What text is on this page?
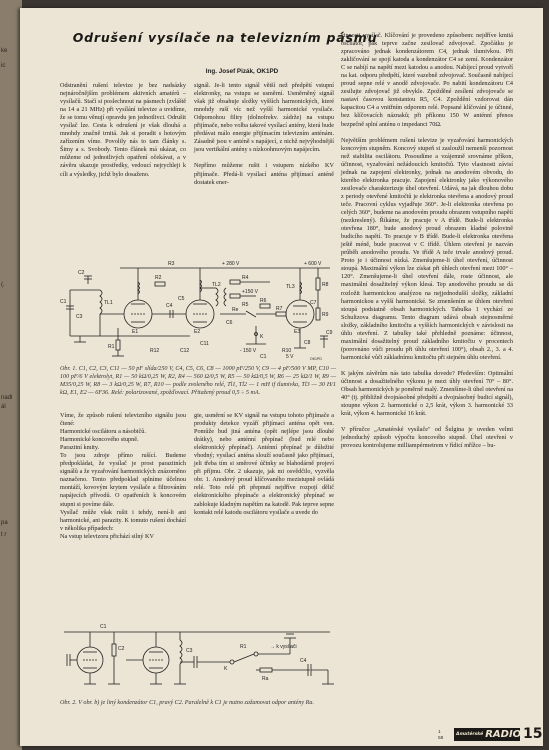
ke
ic
(.
nadl
ál
pa
t r
Odrušení vysílače na televizním pásmu
Ing. Josef Pizák, OK1PD

Odstranění rušení televize je bez nadsázky nejnáročnějším problémem aktivních amatérů – vysílačů. Stačí si poslechnout na pásmech (zvláště na 14 a 21 MHz) při vysílání televize a uvidíme, že se tomu věnují opravdu jen jednotlivci. Odrušit vysílač lze. Cesta k odrušení je však dlouhá a mnohdy značně trnitá. Jak si poradit s hotovým zařízením víme. Povolily nás to tam články s. Šimy a s. Svobody. Tento článek má ukázat, co můžeme od jednotlivých opatření očekávat, a v závěru ukazuje prostředky, vedoucí nejrychleji k cíli a výsledky, jichž bylo dosaženo.

signál. Je-li tento signál větší než předpětí vstupní elektronky, na vstupu se usměrní. Usměrněný signál však již obsahuje složky vyšších harmonických, které mnohdy ruší víc než vyšší harmonické vysílače. Odpomohou filtry (dolnofrekv. zádrže) na vstupu přijímače, nebo volba takové vysílací antény, která bude předávat málo energie přijímacím televizním anténám. Zásadně jsou v anténě s napájecí, z nichž nejvýhodnější jsou vertikální antény s nízkoohmovým napájecím.

Nepřímo můžeme rušit i vstupem nízkého KV přijímače. Předá-li vysílací anténa přijímací anténě dostatek ener-

činnosti vysílač. Klíčování je provedeno způsobem: nejdříve kmitá oscilátor, pak teprve začne zesilovač zdvojovač. Zpočátku je zpracováno jednak kondenzátorem C4, jednak tlumivkou. Při zakličování se spojí katoda a kondenzátor C4 se zemí. Kondenzátor C se nabíjí na napětí mezi katodou a anodou. Nabíjecí proud vytvoří na kat. odporu předpětí, které vazebně zdvojovač. Současně nabíjecí proud sepne relé v anodě zdvojovače. Po nabití kondenzátoru C4 zesilujte zdvojovač již obvykle. Zpožděné zesílení zdvojovače se nastaví časovou konstantou R5, C4. Zpoždění vzdorovat dán kapacitou C4 a vnitřním odporem relé. Popsané klíčování je účinné, bez klíčovacích náznaků; při příkonu 150 W anténní přenos bezpečně splní anténu o impedanci 70Ω.

Největším problémem rušení televize je vyzařování harmonických koncovým stupněm. Koncový stupeň si zasloužil nemenší pozornost než stabilita oscilátoru. Posoudíme a vzájemně srovnáme příkon, účinnost, vyzařování nežádoucích kmitočtů. Tyto vlastnosti závisí jednak na zapojení elektronky, jednak na anodovém obvodu, do kterého elektronka pracuje. Zapojení elektronky jako výkonového zesilovače charakterizuje úhel otevření. Udává, na jak dlouhou dobu z periody otevřené kmitočtů je elektronka otevřena a anodový proud teče. Pracovní cyklus vyjadřuje 360°. Je-li elektronka otevřena po celých 360°, budeme na anodovém proudu obrazem vstupního napětí (nezkreslený). Říkáme, že pracuje v A třídě. Bude-li elektronka otevřena 180°, bude anodový proud obrazem kladné polovině budicího napětí. To pracuje v B třídě. Bude-li elektronka otevřena ještě méně, bude pracovat v C třídě. Úhlem otevření je nazván průběh anodového proudu. Ve třídě A teče trvale anodový proud. Proto je i účinnost nízká. Zmenšujeme-li úhel otevření, účinnost stoupá. Maximální výkon lze získat při úhlech otevření mezi 100° – 120°. Zmenšujeme-li úhel otevření dále, roste účinnost, ale maximální dosažitelný výkon klesá. Tep anodového proudu se dá rozložit harmonickou analýzou na nejjednodušší složky, základní harmonickou a vyšší harmonické. Se zmenšením se úhlem otevření stoupá podstatně obsah harmonických. Tabulka 1 vychází ze Schultzova diagramu. Tento diagram udává obsah stejnosměrné složky, základního kmitočtu a vyšších harmonických v závislosti na úhlu otevření. Z tabulky také přehledně poznáme: účinnost, maximální dosažitelný proud základního kmitočtu v procentech (porovnáno vůči proudu při úhlu otevření 100°), obsah 2., 3. a 4. harmonické vůči základnímu kmitočtu při stejném úhlu otevření.

K jakým závěrům nás tato tabulka dovede? Především: Optimální účinnost a dosažitelného výkonu je mezi úhly otevření 70° – 80°. Obsah harmonických je poměrně malý. Zmenšíme-li úhel otevření na 40° (tj. přibližně dvojnásobné předpětí a dvojnásobný budicí signál), stoupne výkon 2. harmonické o 2,5 krát, výkon 3. harmonické 33 krát, výkon 4. harmonické 16 krát.

V příručce „Amatérské vysílače" od Šulgina je uveden velmi jednoduchý způsob výpočtu koncového stupně. Úhel otevření v provozu kontrolujeme milliampérmetrem v řídicí mřížce – bu-

C2
C1
C3
TL1
E1
R1
R2
R3
C4
E2
C5
TL2
+ 280 V
R4
+150 V
R5
Re
R6
R7
C6
K
- 150 V
C1
TL3
+ 600 V
R8
R9
C7
E3
C8
C9
R10
5 V
C11
C12
R12
OK1PD

Obr. 1. C1, C2, C3, C11 — 50 pF slída/250 V, C4, C5, C6, C8 — 1000 pF/250 V, C9 — 4 pF/500 V MP, C10 — 100 pF/6 V elektrolyt, R1 — 50 kΩ/0,25 W, R2, R4 — 560 Ω/0,5 W, R5 — 50 kΩ/0,5 W, R6 — 25 kΩ/1 W, R9 — M35/0,25 W, R8 — 3 kΩ/0,25 W, R7, R10 — podle zvoleného relé, Tl1, Tl2 — 1 mH if tlumivka, Tl3 — 30 H/1 kΩ, E1, E2 — 6F36. Relé: polarizované, zpožďovací. Přitažený proud 0,5 ÷ 5 mA.

Víme, že způsob rušení televizního signálu jsou čtené:
Harmonické oscilátoru a násobičů.
Harmonické koncového stupně.
Parazitní kmity.
To jsou zdroje přímo rušící. Budeme předpokládat, že vysílač je prost parazitních signálů a že vyzařování harmonických znázorněno naznačeno. Tento předpoklad splníme účelnou montáží, kovovým krytem vysílače a filtrováním napájecích přívodů. O opatřeních k koncovém stupni si povíme dále.
Vysílač může však rušit i tehdy, není-li ani harmonické, ani parazity. K tomuto rušení dochází v několika případech:
Na vstup televizoru přichází silný KV

gie, usměrní se KV signál na vstupu tohoto přijímače a produkty detekce vyzáří přijímací anténa opět ven. Pomůže bud jiná anténa (opět nejlépe jsou dlouhé drátky), nebo anténní přepínač (bud relé nebo elektronický přepínač). Anténní přepínač je důležité vhodný; vysílací anténa slouží současně jako přijímací, jeli třeba tím si směrové účinky se blahodárně projeví při příjmu. Obr. 2 ukazuje, jak mi osvědčilo, vyzvěla obr. 1. Anodový proud klíčovaného mezistupně ovládá relé. Toto relé při přepnutí nejdříve rozpojí dělič elektronického přepínače a elektronický přepínač se zablokuje kladným napětím na katodě. Pak teprve sepne kontakt relé katodu oscilátoru vysílače a uvede do

C1
C2	C3
C4
Ra
R1
K
→ k vysílači

Obr. 2. V obr. b) je liný kondenzátor C1, pravý C2. Paralelně k C1 je nutno zažamovat odpor antény Ra.

1
58
$^{Amatérské}$ RADIO 15
